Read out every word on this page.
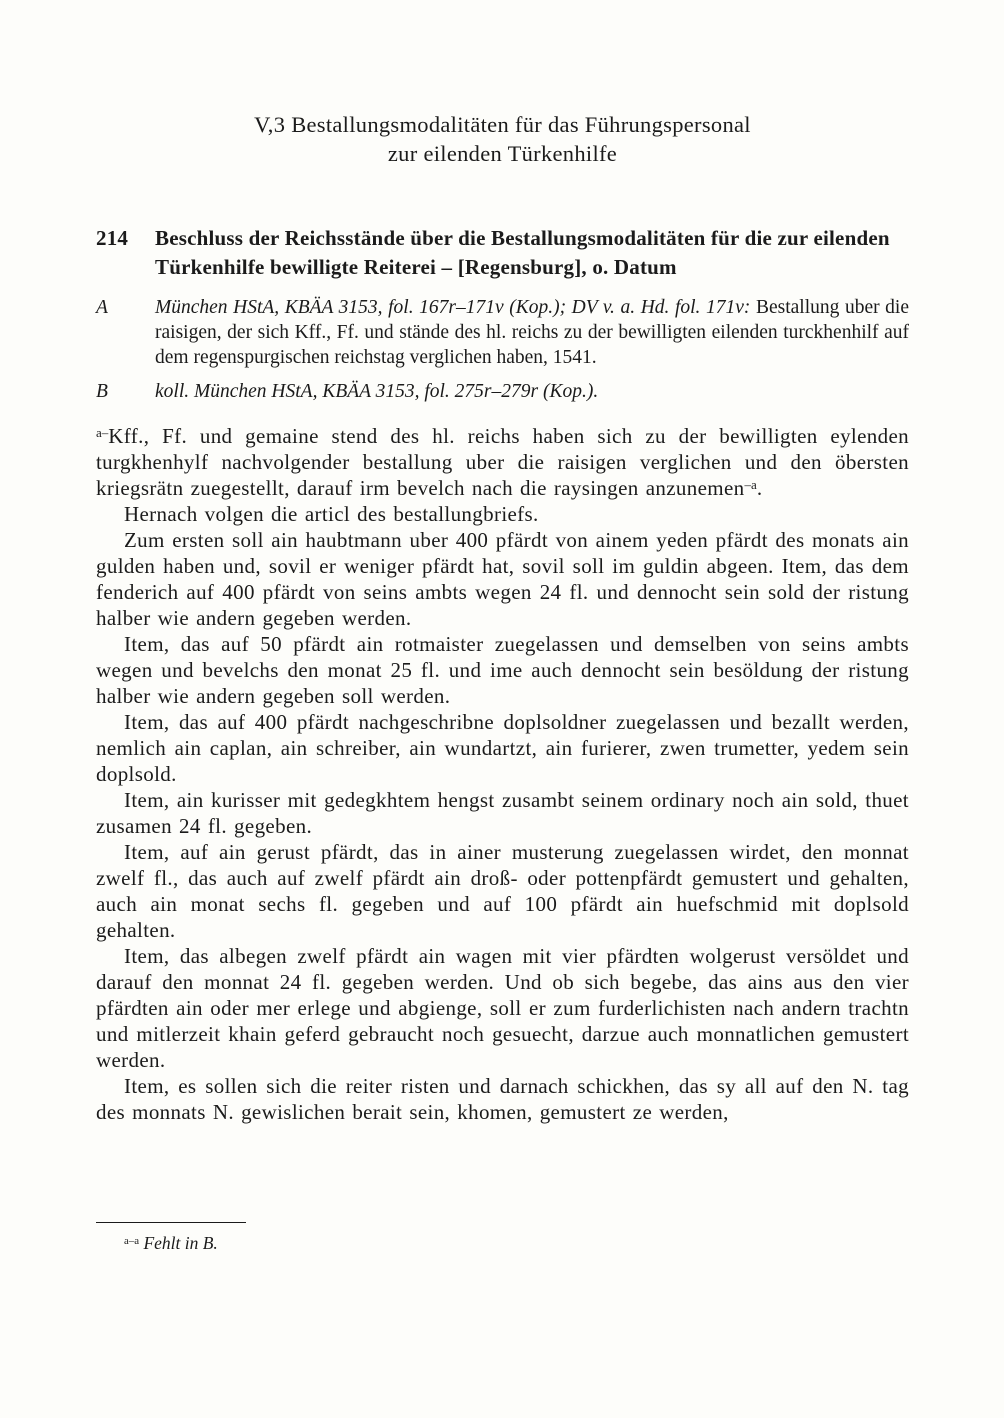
V,3 Bestallungsmodalitäten für das Führungspersonal
zur eilenden Türkenhilfe
214 Beschluss der Reichsstände über die Bestallungsmodalitäten für die zur eilenden Türkenhilfe bewilligte Reiterei – [Regensburg], o. Datum
A München HStA, KBÄA 3153, fol. 167r–171v (Kop.); DV v. a. Hd. fol. 171v: Bestallung uber die raisigen, der sich Kff., Ff. und stände des hl. reichs zu der bewilligten eilenden turckhenhilf auf dem regenspurgischen reichstag verglichen haben, 1541.
B koll. München HStA, KBÄA 3153, fol. 275r–279r (Kop.).

$^{a-}$Kff., Ff. und gemaine stend des hl. reichs haben sich zu der bewilligten eylenden turgkhenhylf nachvolgender bestallung uber die raisigen verglichen und den öbersten kriegsrätn zuegestellt, darauf irm bevelch nach die raysingen anzunemen$^{-a}$.

Hernach volgen die articl des bestallungbriefs.

Zum ersten soll ain haubtmann uber 400 pfärdt von ainem yeden pfärdt des monats ain gulden haben und, sovil er weniger pfärdt hat, sovil soll im guldin abgeen. Item, das dem fenderich auf 400 pfärdt von seins ambts wegen 24 fl. und dennocht sein sold der ristung halber wie andern gegeben werden.

Item, das auf 50 pfärdt ain rotmaister zuegelassen und demselben von seins ambts wegen und bevelchs den monat 25 fl. und ime auch dennocht sein besöldung der ristung halber wie andern gegeben soll werden.

Item, das auf 400 pfärdt nachgeschribne doplsoldner zuegelassen und bezallt werden, nemlich ain caplan, ain schreiber, ain wundartzt, ain furierer, zwen trumetter, yedem sein doplsold.

Item, ain kurisser mit gedegkhtem hengst zusambt seinem ordinary noch ain sold, thuet zusamen 24 fl. gegeben.

Item, auf ain gerust pfärdt, das in ainer musterung zuegelassen wirdet, den monnat zwelf fl., das auch auf zwelf pfärdt ain droß- oder pottenpfärdt gemustert und gehalten, auch ain monat sechs fl. gegeben und auf 100 pfärdt ain huefschmid mit doplsold gehalten.

Item, das albegen zwelf pfärdt ain wagen mit vier pfärdten wolgerust versöldet und darauf den monnat 24 fl. gegeben werden. Und ob sich begebe, das ains aus den vier pfärdten ain oder mer erlege und abgienge, soll er zum furderlichisten nach andern trachtn und mitlerzeit khain geferd gebraucht noch gesuecht, darzue auch monnatlichen gemustert werden.

Item, es sollen sich die reiter risten und darnach schickhen, das sy all auf den N. tag des monnats N. gewislichen berait sein, khomen, gemustert ze werden,

$^{a-a}$ Fehlt in B.
